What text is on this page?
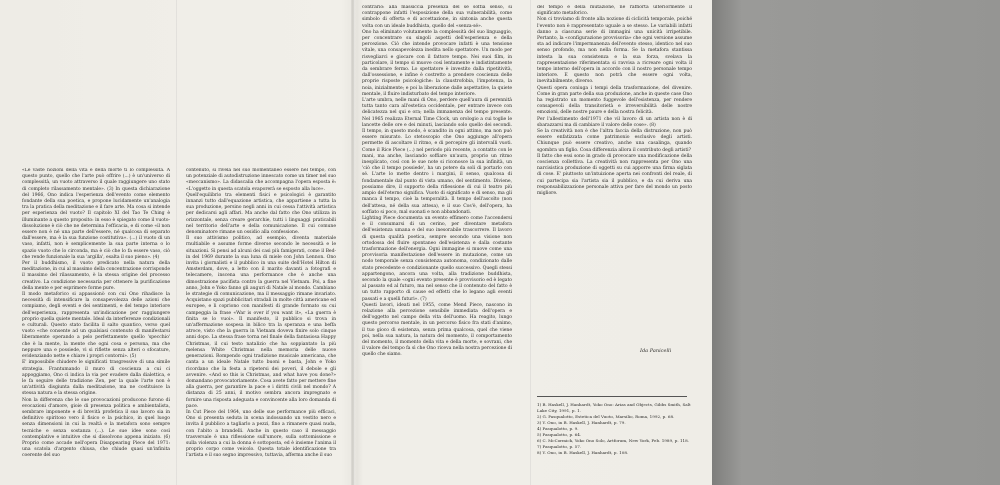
«Le vaste nozioni della vita e della morte ti lo complessità. A questo punto, quello che l'arte può offrire (...) è un'universo di complessità, un vuoto attraverso il quale raggiungere uno stato di completo rilassamento mentale». (3) In questa dichiarazione del 1966, Ono indica l'esperienza dell'evento come elemento fondante della sua poetica, e propone lucidamente un'analogia tra la pratica della meditazione e il fare arte. Ma cosa si intende per esperienza del vuoto? Il capitolo XI del Tao Te Ching è illuminante a questo proposito: in esso è spiegato come il vuoto-dissoluzione è ciò che ne determina l'efficacia, e di come «il non essere non è né una parte dell'essere, né qualcosa di separato dall'essere, ma è la sua funzione costitutiva». (...) il vuoto di un vaso, infatti, non è semplicemente la sua parte interna o lo spazio vuoto che lo circonda, ma è ciò che lo fa essere vaso, ciò che rende funzionale la sua 'argilla', esalta il suo pieno». (4)

Per il buddhismo, il vuoto predicato nella natura della meditazione, in cui al massimo della concentrazione corrisponde il massimo del rilassamento, è la stessa origine del processo creativo. La condizione necessaria per ottenere la purificazione della mente e per esprimere forme pure.

Il modo metaforico si appassionò con cui Ono rihadisce la necessità di intensificare la consapevolezza delle azioni che compiamo, degli eventi e dei sentimenti, e del tempo interiore dell'esperienza, rappresenta un'indicazione per raggiungere proprio quella quiete mentale. Ideal da interferenze condizionali e culturali. Questo stato facilita il salto quantico, verso quel vuoto «che consente ad un qualsiasi contenuto di manifestarsi liberamente operando a pelo perfettamente quello 'specchio' che è la mente, la mente che ogni cosa e persona, ma che neppure una e possiede, vi si riflette senza alteri o sfocature, evidenziando nette e chiare i propri contorni». (5)

E' impossibile chiudere le significati trasgressive di una simile strategia. Frantumando il muro di coscienza a cui ci appoggiamo, Ono ci indica la via per evadere dalla dialettica, e le fa seguire delle tradizione Zen, per la quale l'arte non è un'attività disgiunta dalla meditazione, ma ne costituisce la stessa natura e la stessa origine.

Non la differenza che le sue provocazioni producono furono di evocazioni d'amore, gioie di presenza politica e ambientalista, sembrare imponente e di brevità profetica il suo lavoro sia in definitivo spiritoso vero il fisico e la psichico, in quel luogo senza dimensioni in cui la realtà e la metafora sono sempre tecniche e senza sostanza (...). Le sue idee sono così contemplative e intuitive che si dissolvono appena iniziato. (6) Proprio come accade nell'opera Disappearing Piece del 1971: una scatola d'argento chiusa, che chiude quasi un'infinita coerente del suo

contenuto, si rivela nel suo momentaneo essere nel tempo, con un potenziale di autodistruzione innescato come un timer nel suo «meccanismo». La didascalia che accompagna l'opera esposta è: «L'oggetto in questa scatola evaporerà se esposto alla luce».

Quell'equilibrio tra elementi fisici e psicologici è garantito innanzi tutto dall'equazione artistica, che appartiene a tutta la sua produzione, persino negli anni in cui cessa l'attività artistica per dedicarsi agli affari. Ma anche dal fatto che Ono utilizza in orizzontale, senza creare gerarchie, tutti i linguaggi praticabili nel territorio dell'arte e della comunicazione. Il cui comune denominatore rimane un ossidio alla confessione.

Il suo attivismo politico, ad esempio, diventa materiale rnultiabile e assume forme diverse secondo le necessità e le situazioni. Si pensi ad alcuni dei casi più famigerati, come il Bed-in del 1969 durante la sua luna di miele con John Lennon. Ono invita i giornalisti e il pubblico in una suite dell'Hotel Hilton di Amsterdam, dove, a letto con il marito davanti a fotografi e telecamere, inscena una performance che è anche una dimostrazione pacifista contro la guerra nel Vietnam. Poi, a fine anno, John e Yoko fanno gli auguri di Natale al mondo. Cambiano le strategie di comunicazione, ma il messaggio rimane invariato. Acquistano spazi pubblicitari stradali in molte città americane ed europee, e li copriono con manifesti di grande formato su cui campeggia la frase «War is over if you want it», «La guerra è finita se lo vuoi». Il manifesto, il pubblico si trova in un'affermazione sospesa in bilico tra la speranza e una beffa atroce, visto che la guerra in Vietnam doveva finire solo cinque anni dopo. La stessa frase torna nel finale della fantasiosa Happy Christmas, il cui testo natalizio che ha soppiantato la più melensa White Christmas nella memoria delle nuove generazioni. Rompendo ogni tradizione musicale americana, che canta a un ideale Natale tutto buoni e basta, John e Yoko ricordano che la festa a ripetersi dei poveri, il debole e gli avvenire. «And so this is Christmas, and what have you done?» domandano provocatoriamente. Cosa avete fatto per mettere fine alla guerra, per garantire la pace e i diritti civili nel mondo? A distanza di 25 anni, il motivo sembra ancora impregnato e fornire una risposta adeguata e convincente alla loro domanda di pace.

In Cut Piece del 1964, uno delle sue performance più efficaci, Ono si presenta seduta in scena indossando un vestito nero e invita il pubblico a tagliarlo a pezzi, fino a rimanere quasi nuda, con l'abito a brandelli. Anche in questo caso il messaggio trasversale è una riflessione sull'umore, sulla sottomissione e sulla violenza a cui la donna è sottoposta, ed è insieme l'anima il proprio corpo come veicolo. Questa totale identificazione tra l'artista e il suo segno impressivo, tuttavia, afferma anche il suo

contrario: alla massiccia presenza del sé soffia senso, si contrappone infatti l'esposizione della sua vulnerabilità, come simbolo di offerta e di accettazione, in sintonia anche questa volta con un ideale buddhista, quello del «senza-sé».

Ono ha eliminato volutamente la complessità del suo linguaggio, per concentrare su singoli aspetti dell'esperienza e della percezione. Ciò che intende provocare infatti è una tensione vitale, una consapevolezza inedita nello spettatore. Un modo per risvegliarci e giocare con il fattore tempo. Nei suoi film, in particolare, il tempo si muove così lentamente e indistintamente da sembrare fermo. Lo spettatore è investito dalla ripetitività, dall'ossessione, e infine è costretto a prendere coscienza delle proprie risposte psicologiche: la claustrofobia, l'impotenza, la noia, inizialmente; e poi la liberazione dalle aspettative, la quiete mentale, il fluire indisturbato del tempo interiore.

L'arte umbra, nelle mani di Ono, perdere quell'aura di perennità tutta tanto cara all'estetica occidentale, per entrare invece con delicatezza nel qui e ora; nella immanenza del tempo presente. Nel 1965 realizza Eternal Time Clock, un orologio a cui toglie le lancette delle ore e dei minuti, lasciando solo quello dei secondi. Il tempo, in questo modo, è scandito in ogni attimo, ma non può essere misurato. Lo stetoscopio che Ono aggiunge all'opera permette di ascoltare il ritmo, e di percepire gli intervalli vuoti. Come il Rice Piece (...) nel periodo più recente, a contatto con le mani, ma anche, lasciando soffiare un'aura, proprio un ritmo inesplicato, così con le sue note si riconosce la sua infinità, un 'ciò che il tempo possiede', ha un potere da soli di portarlo con sé. L'arte lo mette dentro i margini, il senso, qualcosa di fondamentale dal punto di vista umano, del sentimento. Diviene, possiamo dire, il supporto della riflessione di cui il teatro più ampio dell'eterno significa. Vuoto di significato e di senso, ma gli manca il tempo, cioè la temporalità. Il tempo dell'ascolto (non dell'attesa, né della sua attesa), e il suo Cos'è, dell'opera, ha soffiato si poco, mal suonati e non abbandonati.

Lighting Piece documenta un evento effimero come l'accendersi e il consumarsi di un cerino, per diventare metafora dell'esistenza umana e del suo inesorabile trascorrere. Il lavoro di questa qualità poetica, sempre secondo una visione non ortodossa del fluire spontaneo dell'esistenza e dalla costante trasformazione dell'energia. Ogni immagine si muove come una provvisoria manifestazione dell'essere in mutazione, come un nodo temporale senza consistenza autonoma, condizionato dalle stato precedente e condizionante quello successivo. Quegli stessi appartengono, ancora una volta, alla tradizione buddhista, secondo la quale «ogni evento presente è provvisorio ed è legato al passato ed al futuro, ma nel senso che il contenuto del fatto è un tutto rapporto di cause ed effetti che lo legano agli eventi passati e a quelli futuri». (7)

Questi lavori, ideati nel 1955, come Mend Piece, nascono in relazione alla percezione sensibile immediata dell'opera e dell'oggetto nel campo della vita dell'uomo. Ha reagito, lungo questo percorso mentale, in un percorso fisico fra stati d'animo, il tuo gioco di esistenza, senza prima qualcosa, quel che viene poi, nella sua natura, la natura del momento, il comportamento del momento, il momento della vita e della morte, e sovrani, che il valore del tempo fa sì che Ono riceva nella nostra percezione di quello che siamo.

del tempo e della mutazione, ne raffiorta ulteriormente il significato metaforico.

Non ci troviamo di fronte alla nozione di ciclicità temporale, poiché l'evento non è rappresentato uguale a se stesso. Le variabili infatti danno a ciascuna serie di immagini una unicità irripetibile. Pertanto, la «configurazione provvisoria» che ogni versione assume sta ad indicare l'impermanenza dell'evento stesso, identico nel suo senso profondo, ma non nella forma. Se la metafora stantissa intesta la sua consistenza e la sua forza, svelava la rappresentazione riferimentata si ravvisa a ricreare ogni volta il tempo interno dell'opera in accordo con il nostro personale tempo interiore. E questo non potrà che essere ogni volta, inevitabilmente, diverso.

Questi opera coniuga i tempi della trasformazione, del divenire. Come in gran parte della sua produzione, anche in queste case Ono ha registrato un momento fuggevole dell'esistenza, per rendere consapevoli della transitorietà e irreversibilità delle nostre emozioni, delle nostre paure e della nostra felicità.

Per l'allestimento dell'1971 che vil lavoro di un artista non è di sbarazzarsi ma di cambiare il valore delle cose». (8)

Se la creatività non è che l'altra faccia della distruzione, non può essere enfatizzata come patrimonio esclusivo degli artisti. Chiunque può essere creativo, anche una casalinga, quando sgombra un figlio. Cosa differenzia allora il contributo degli artisti?

Il fatto che essi sono in grado di provocare una modificazione della coscienza collettiva. La creatività non rappresenta per Ono una narcisistica produzione di oggetti su cui apporre una firma siglata di cose. E' piuttosto un'intuizione aperta nei confronti del reale, di cui partecipa sia l'artista sia il pubblico, e da cui deriva una responsabilizzazione personale attiva per fare del mondo un posto migliore.

Ida Panicelli

1) B. Haskell, J. Hanhardt, Yoko Ono: Arias and Objects, Gibbs Smith, Salt Lake City, 1991, p. 1.

2) G. Pasqualotto, Estetica del Vuoto, Marsilio, Roma, 1992, p. 68.

3) Y. Ono, in B. Haskell, J. Hanhardt, p. 79.

4) Pasqualotto, p. 9.

5) Pasqualotto, p. 64.

6) C. McCormick, Yoko Ono Solo, Artforum, New York, Feb. 1989, p. 118.

7) Pasqualotto, p. 57.

8) Y. Ono, in B. Haskell, J. Hanhardt, p. 108.
